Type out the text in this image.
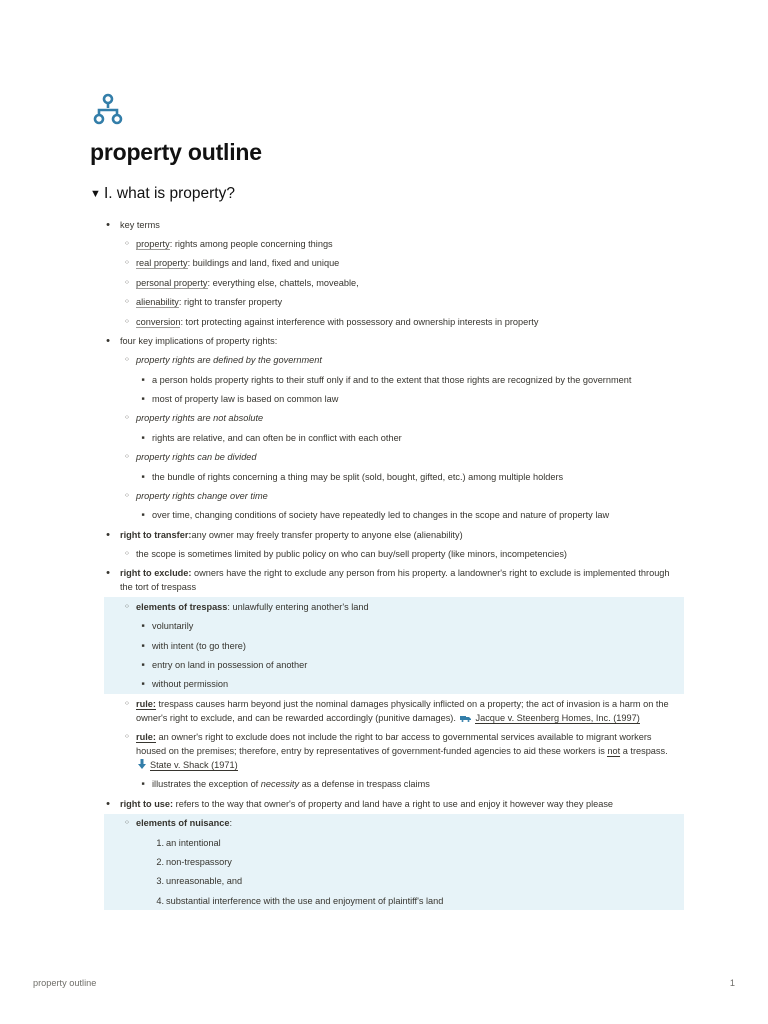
property outline
▼ I. what is property?
•
key terms
○
property: rights among people concerning things
○
real property: buildings and land, fixed and unique
○
personal property: everything else, chattels, moveable,
○
alienability: right to transfer property
○
conversion: tort protecting against interference with possessory and ownership interests in property
•
four key implications of property rights:
○
property rights are defined by the government
■
a person holds property rights to their stuff only if and to the extent that those rights are recognized by the government
■
most of property law is based on common law
○
property rights are not absolute
■
rights are relative, and can often be in conflict with each other
○
property rights can be divided
■
the bundle of rights concerning a thing may be split (sold, bought, gifted, etc.) among multiple holders
○
property rights change over time
■
over time, changing conditions of society have repeatedly led to changes in the scope and nature of property law
•
right to transfer:any owner may freely transfer property to anyone else (alienability)
○
the scope is sometimes limited by public policy on who can buy/sell property (like minors, incompetencies)
•
right to exclude: owners have the right to exclude any person from his property. a landowner's right to exclude is implemented through the tort of trespass
○
elements of trespass: unlawfully entering another's land
■
voluntarily
■
with intent (to go there)
■
entry on land in possession of another
■
without permission
○
rule: trespass causes harm beyond just the nominal damages physically inflicted on a property; the act of invasion is a harm on the owner's right to exclude, and can be rewarded accordingly (punitive damages). Jacque v. Steenberg Homes, Inc. (1997)
○
rule: an owner's right to exclude does not include the right to bar access to governmental services available to migrant workers housed on the premises; therefore, entry by representatives of government-funded agencies to aid these workers is not a trespass. State v. Shack (1971)
■
illustrates the exception of necessity as a defense in trespass claims
•
right to use: refers to the way that owner's of property and land have a right to use and enjoy it however way they please
○
elements of nuisance:
1. an intentional
2. non-trespassory
3. unreasonable, and
4. substantial interference with the use and enjoyment of plaintiff's land
property outline	1
